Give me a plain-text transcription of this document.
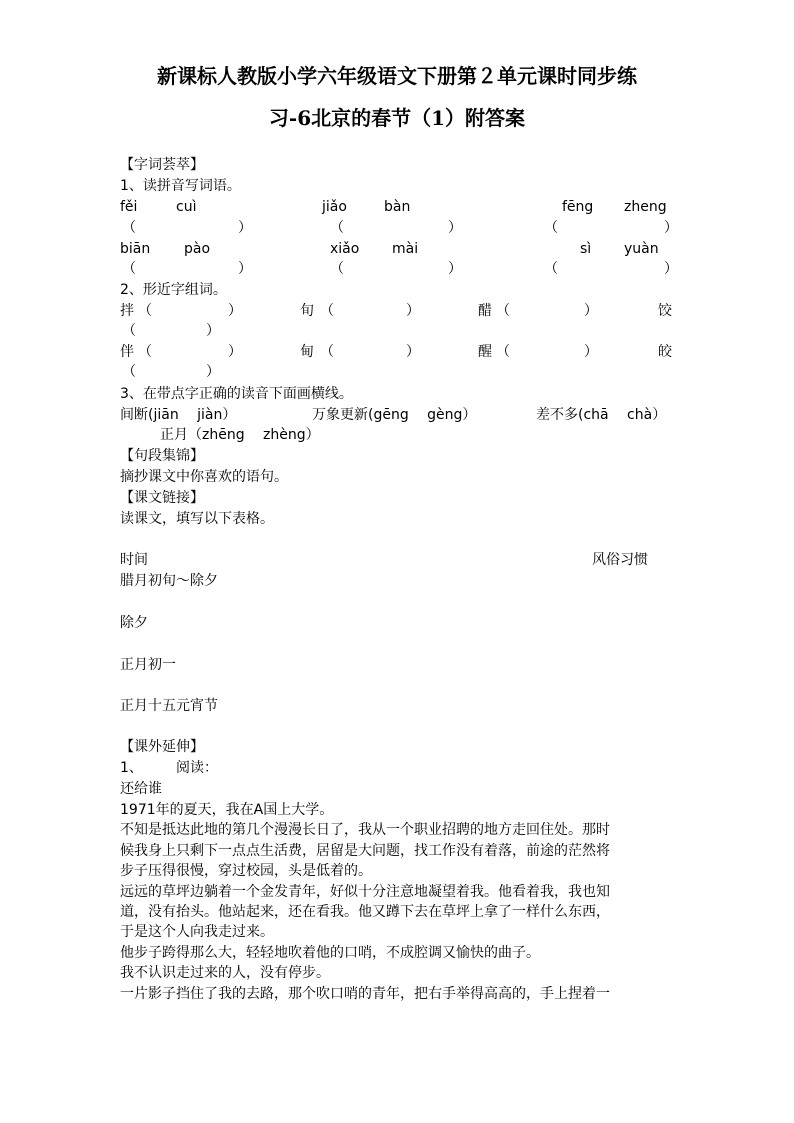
新课标人教版小学六年级语文下册第２单元课时同步练
习-6北京的春节（1）附答案
【字词荟萃】
1、读拼音写词语。
fěi	cuì	jiǎo	bàn	fēng zheng
（	）	（	）	（	）
biān pào	xiǎo mài	sì yuàn
（	）	（	）	（	）
2、形近字组词。
拌 （	）	旬 （	）	醋 （	）	饺
（	）
伴 （	）	甸 （	）	醒 （	）	皎
（	）
3、在带点字正确的读音下面画横线。
间断(jiān　 jiàn）	万象更新(gēng　 gèng）	差不多(chā　 chà）
正月（zhēng　 zhèng）
【句段集锦】
摘抄课文中你喜欢的语句。
【课文链接】
读课文，填写以下表格。
时间	风俗习惯
腊月初旬～除夕
除夕
正月初一
正月十五元宵节
【课外延伸】
1、 阅读：
还给谁
1971年的夏天，我在A国上大学。
不知是抵达此地的第几个漫漫长日了，我从一个职业招聘的地方走回住处。那时
候我身上只剩下一点点生活费，居留是大问题，找工作没有着落，前途的茫然将
步子压得很慢，穿过校园，头是低着的。
远远的草坪边躺着一个金发青年，好似十分注意地凝望着我。他看着我，我也知
道，没有抬头。他站起来，还在看我。他又蹲下去在草坪上拿了一样什么东西，
于是这个人向我走过来。
他步子跨得那么大，轻轻地吹着他的口哨，不成腔调又愉快的曲子。
我不认识走过来的人，没有停步。
一片影子挡住了我的去路，那个吹口哨的青年，把右手举得高高的，手上捏着一
